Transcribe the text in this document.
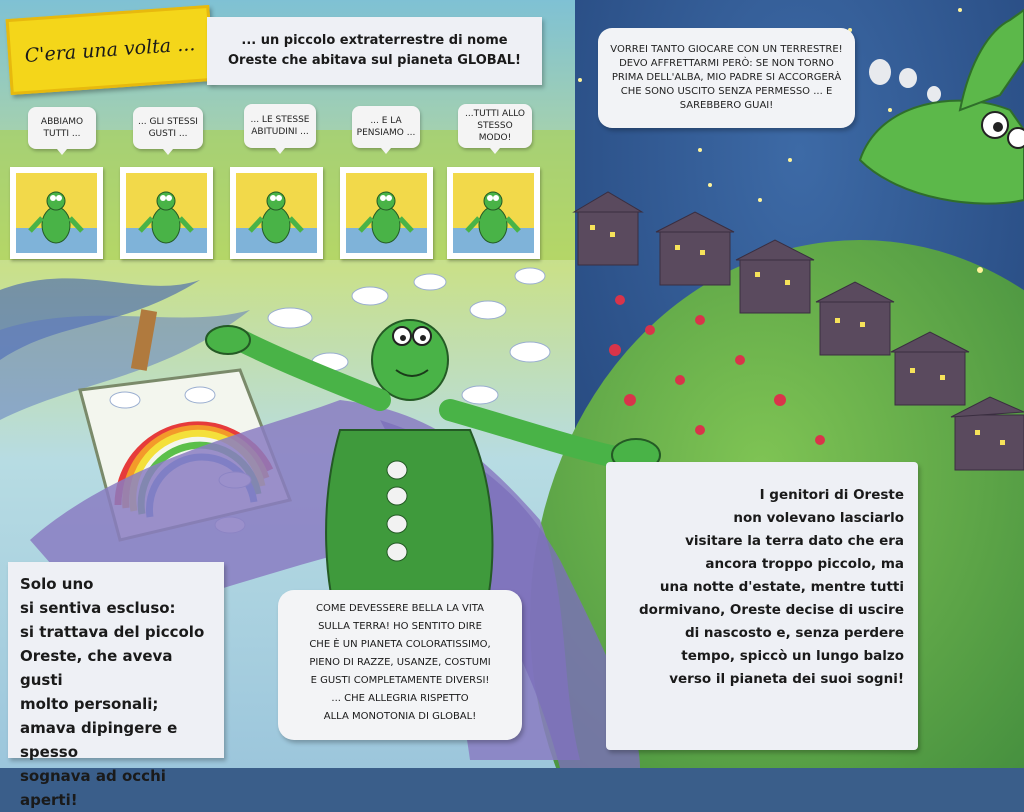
C'era una volta ...	... un piccolo extraterrestre di nome Oreste che abitava sul pianeta GLOBAL!
ABBIAMO TUTTI ...
... GLI STESSI GUSTI ...
... LE STESSE ABITUDINI ...
... E LA PENSIAMO ...
...TUTTI ALLO STESSO MODO!
VORREI TANTO GIOCARE CON UN TERRESTRE! DEVO AFFRETTARMI PERÒ: SE NON TORNO PRIMA DELL'ALBA, MIO PADRE SI ACCORGERÀ CHE SONO USCITO SENZA PERMESSO ... E SAREBBERO GUAI!
Solo uno
si sentiva escluso:
si trattava del piccolo
Oreste, che aveva gusti
molto personali;
amava dipingere e spesso
sognava ad occhi aperti!
COME DEVESSERE BELLA LA VITA
SULLA TERRA! HO SENTITO DIRE
CHE È UN PIANETA COLORATISSIMO,
PIENO DI RAZZE, USANZE, COSTUMI
E GUSTI COMPLETAMENTE DIVERSI!
... CHE ALLEGRIA RISPETTO
ALLA MONOTONIA DI GLOBAL!
I genitori di Oreste
non volevano lasciarlo
visitare la terra dato che era
ancora troppo piccolo, ma
una notte d'estate, mentre tutti
dormivano, Oreste decise di uscire
di nascosto e, senza perdere
tempo, spiccò un lungo balzo
verso il pianeta dei suoi sogni!
